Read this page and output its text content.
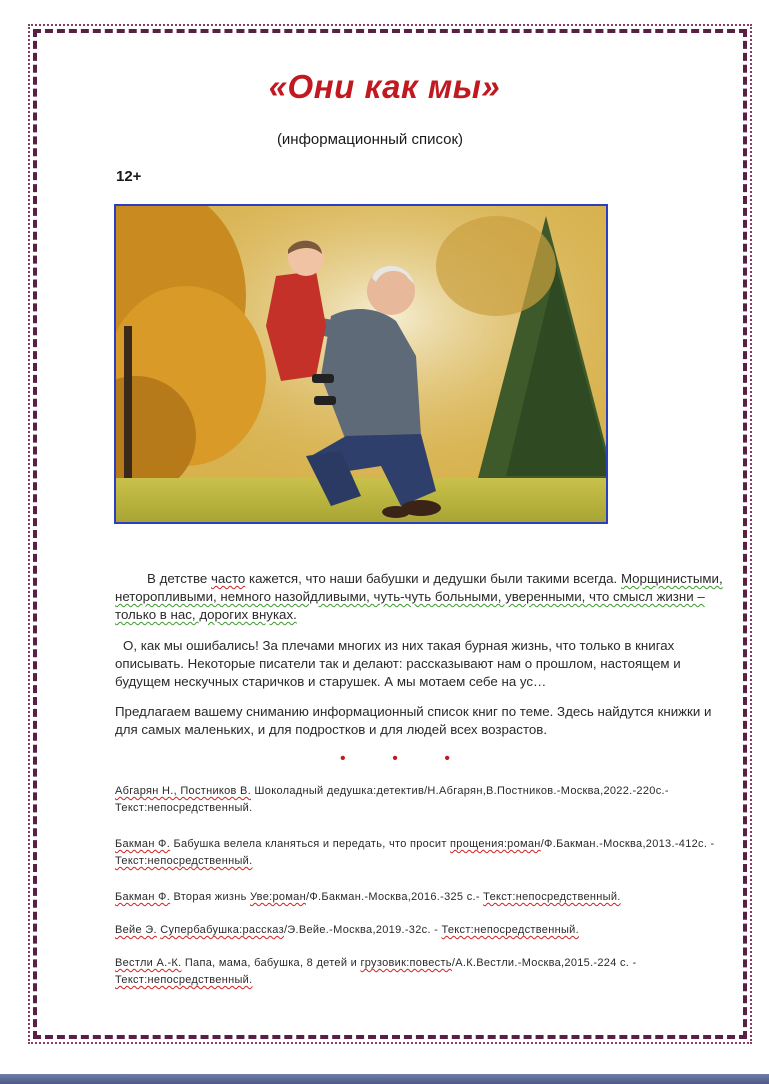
«Они как мы»
(информационный список)
12+
В детстве часто кажется, что наши бабушки и дедушки были такими всегда. Морщинистыми, неторопливыми, немного назойдливыми, чуть-чуть больными, уверенными, что смысл жизни – только в нас, дорогих внуках.
О, как мы ошибались! За плечами многих из них такая бурная жизнь, что только в книгах описывать. Некоторые писатели так и делают: рассказывают нам о прошлом, настоящем и будущем нескучных старичков и старушек. А мы мотаем себе на ус…
Предлагаем вашему сниманию информационный список книг по теме. Здесь найдутся книжки и для самых маленьких, и для подростков и для людей всех возрастов.
•	•	•
Абгарян Н., Постников В. Шоколадный дедушка:детектив/Н.Абгарян,В.Постников.-Москва,2022.-220с.-Текст:непосредственный.
Бакман Ф. Бабушка велела кланяться и передать, что просит прощения:роман/Ф.Бакман.-Москва,2013.-412с. - Текст:непосредственный.
Бакман Ф. Вторая жизнь Уве:роман/Ф.Бакман.-Москва,2016.-325 с.- Текст:непосредственный.
Вейе Э. Супербабушка:рассказ/Э.Вейе.-Москва,2019.-32с. - Текст:непосредственный.
Вестли А.-К. Папа, мама, бабушка, 8 детей и грузовик:повесть/А.К.Вестли.-Москва,2015.-224 с. - Текст:непосредственный.
